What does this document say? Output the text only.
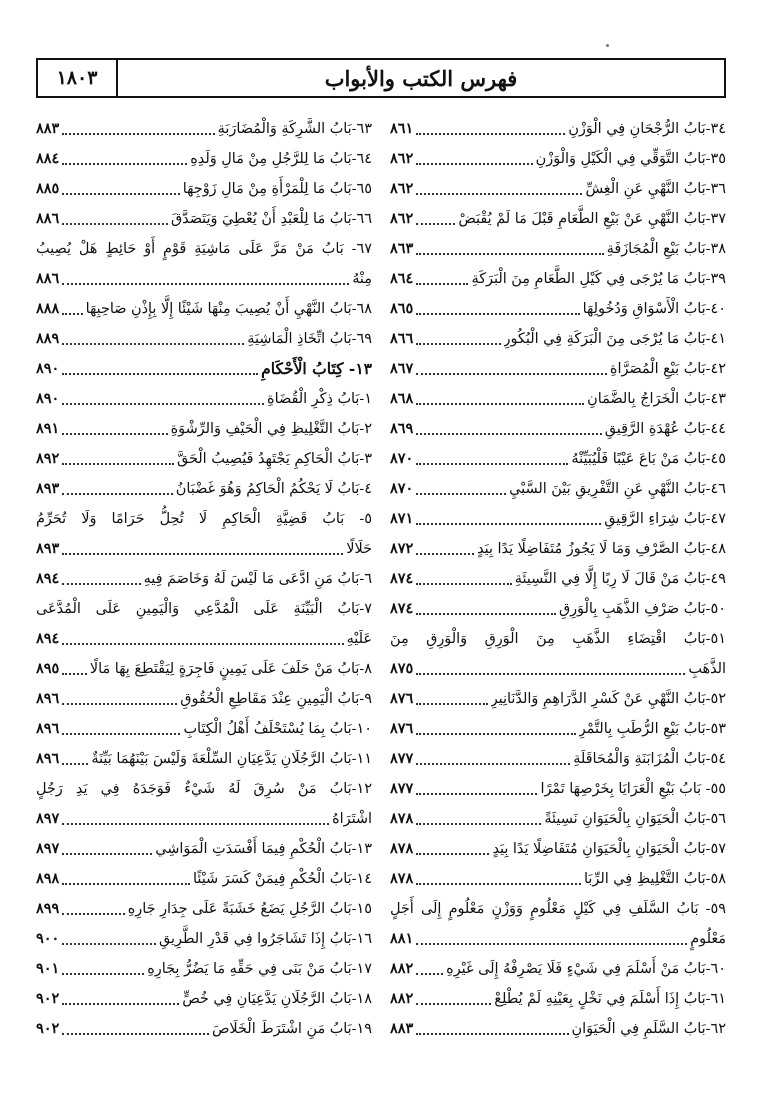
١٨٠٣	فهرس الكتب والأبواب
٣٤-بَابُ الرُّجْحَانِ فِي الْوَزْنِ
٨٦١
٣٥-بَابُ التَّوَقِّي فِي الْكَيْلِ وَالْوَزْنِ
٨٦٢
٣٦-بَابُ النَّهْيِ عَنِ الْغِشِّ
٨٦٢
٣٧-بَابُ النَّهْيِ عَنْ بَيْعِ الطَّعَامِ قَبْلَ مَا لَمْ يُقْبَضْ
٨٦٢
٣٨-بَابُ بَيْعِ الْمُجَازَفَةِ
٨٦٣
٣٩-بَابُ مَا يُرْجَى فِي كَيْلِ الطَّعَامِ مِنَ الْبَرَكَةِ
٨٦٤
٤٠-بَابُ الْأَسْوَاقِ وَدُخُولِهَا
٨٦٥
٤١-بَابُ مَا يُرْجَى مِنَ الْبَرَكَةِ فِي الْبُكُورِ
٨٦٦
٤٢-بَابُ بَيْعِ الْمُصَرَّاةِ
٨٦٧
٤٣-بَابُ الْخَرَاجُ بِالضَّمَانِ
٨٦٨
٤٤-بَابُ عُهْدَةِ الرَّقِيقِ
٨٦٩
٤٥-بَابُ مَنْ بَاعَ عَيْبًا فَلْيُبَيِّنْهُ
٨٧٠
٤٦-بَابُ النَّهْيِ عَنِ التَّفْرِيقِ بَيْنَ السَّبْيِ
٨٧٠
٤٧-بَابُ شِرَاءِ الرَّقِيقِ
٨٧١
٤٨-بَابُ الصَّرْفِ وَمَا لَا يَجُوزُ مُتَفَاضِلًا يَدًا بِيَدٍ
٨٧٢
٤٩-بَابُ مَنْ قَالَ لَا رِبًا إِلَّا فِي النَّسِيئَةِ
٨٧٤
٥٠-بَابُ صَرْفِ الذَّهَبِ بِالْوَرِقِ
٨٧٤
٥١-بَابُ اقْتِضَاءِ الذَّهَبِ مِنَ الْوَرِقِ وَالْوَرِقِ مِنَ
الذَّهَبِ
٨٧٥
٥٢-بَابُ النَّهْيِ عَنْ كَسْرِ الدَّرَاهِمِ وَالدَّنَانِيرِ
٨٧٦
٥٣-بَابُ بَيْعِ الرُّطَبِ بِالتَّمْرِ
٨٧٦
٥٤-بَابُ الْمُزَابَنَةِ وَالْمُحَاقَلَةِ
٨٧٧
٥٥- بَابُ بَيْعِ الْعَرَايَا بِخَرْصِهَا تَمْرًا
٨٧٧
٥٦-بَابُ الْحَيَوَانِ بِالْحَيَوَانِ نَسِيئَةً
٨٧٨
٥٧-بَابُ الْحَيَوَانِ بِالْحَيَوَانِ مُتَفَاضِلًا يَدًا بِيَدٍ
٨٧٨
٥٨-بَابُ التَّغْلِيظِ فِي الرِّبَا
٨٧٨
٥٩- بَابُ السَّلَفِ فِي كَيْلٍ مَعْلُومٍ وَوَزْنٍ مَعْلُومٍ إِلَى أَجَلٍ
مَعْلُومٍ
٨٨١
٦٠-بَابُ مَنْ أَسْلَمَ فِي شَيْءٍ فَلَا يَصْرِفْهُ إِلَى غَيْرِهِ
٨٨٢
٦١-بَابُ إِذَا أَسْلَمَ فِي نَخْلٍ بِعَيْنِهِ لَمْ يُطْلِعْ
٨٨٢
٦٢-بَابُ السَّلَمِ فِي الْحَيَوَانِ
٨٨٣
٦٣-بَابُ الشَّرِكَةِ وَالْمُضَارَبَةِ
٨٨٣
٦٤-بَابُ مَا لِلرَّجُلِ مِنْ مَالِ وَلَدِهِ
٨٨٤
٦٥-بَابُ مَا لِلْمَرْأَةِ مِنْ مَالِ زَوْجِهَا
٨٨٥
٦٦-بَابُ مَا لِلْعَبْدِ أَنْ يُعْطِيَ وَيَتَصَدَّقَ
٨٨٦
٦٧- بَابُ مَنْ مَرَّ عَلَى مَاشِيَةِ قَوْمٍ أَوْ حَائِطٍ هَلْ يُصِيبُ
مِنْهُ
٨٨٦
٦٨-بَابُ النَّهْيِ أَنْ يُصِيبَ مِنْهَا شَيْئًا إِلَّا بِإِذْنِ صَاحِبِهَا
٨٨٨
٦٩-بَابُ اتِّخَاذِ الْمَاشِيَةِ
٨٨٩
١٣- كِتَابُ الْأَحْكَامِ
٨٩٠
١-بَابُ ذِكْرِ الْقُضَاةِ
٨٩٠
٢-بَابُ التَّغْلِيظِ فِي الْحَيْفِ وَالرِّشْوَةِ
٨٩١
٣-بَابُ الْحَاكِمِ يَجْتَهِدُ فَيُصِيبُ الْحَقَّ
٨٩٢
٤-بَابُ لَا يَحْكُمُ الْحَاكِمُ وَهُوَ غَضْبَانُ
٨٩٣
٥- بَابُ قَضِيَّةِ الْحَاكِمِ لَا تُحِلُّ حَرَامًا وَلَا تُحَرِّمُ
حَلَالًا
٨٩٣
٦-بَابُ مَنِ ادَّعَى مَا لَيْسَ لَهُ وَخَاصَمَ فِيهِ
٨٩٤
٧-بَابُ الْبَيِّنَةِ عَلَى الْمُدَّعِي وَالْيَمِينِ عَلَى الْمُدَّعَى
عَلَيْهِ
٨٩٤
٨-بَابُ مَنْ حَلَفَ عَلَى يَمِينٍ فَاجِرَةٍ لِيَقْتَطِعَ بِهَا مَالًا
٨٩٥
٩-بَابُ الْيَمِينِ عِنْدَ مَقَاطِعِ الْحُقُوقِ
٨٩٦
١٠-بَابُ بِمَا يُسْتَحْلَفُ أَهْلُ الْكِتَابِ
٨٩٦
١١-بَابُ الرَّجُلَانِ يَدَّعِيَانِ السِّلْعَةَ وَلَيْسَ بَيْنَهُمَا بَيِّنَةٌ
٨٩٦
١٢-بَابُ مَنْ سُرِقَ لَهُ شَيْءٌ فَوَجَدَهُ فِي يَدِ رَجُلٍ
اشْتَرَاهُ
٨٩٧
١٣-بَابُ الْحُكْمِ فِيمَا أَفْسَدَتِ الْمَوَاشِي
٨٩٧
١٤-بَابُ الْحُكْمِ فِيمَنْ كَسَرَ شَيْئًا
٨٩٨
١٥-بَابُ الرَّجُلِ يَضَعُ خَشَبَةً عَلَى جِدَارِ جَارِهِ
٨٩٩
١٦-بَابُ إِذَا تَشَاجَرُوا فِي قَدْرِ الطَّرِيقِ
٩٠٠
١٧-بَابُ مَنْ بَنَى فِي حَقِّهِ مَا يَضُرُّ بِجَارِهِ
٩٠١
١٨-بَابُ الرَّجُلَانِ يَدَّعِيَانِ فِي خُصٍّ
٩٠٢
١٩-بَابُ مَنِ اشْتَرَطَ الْخَلَاصَ
٩٠٢
